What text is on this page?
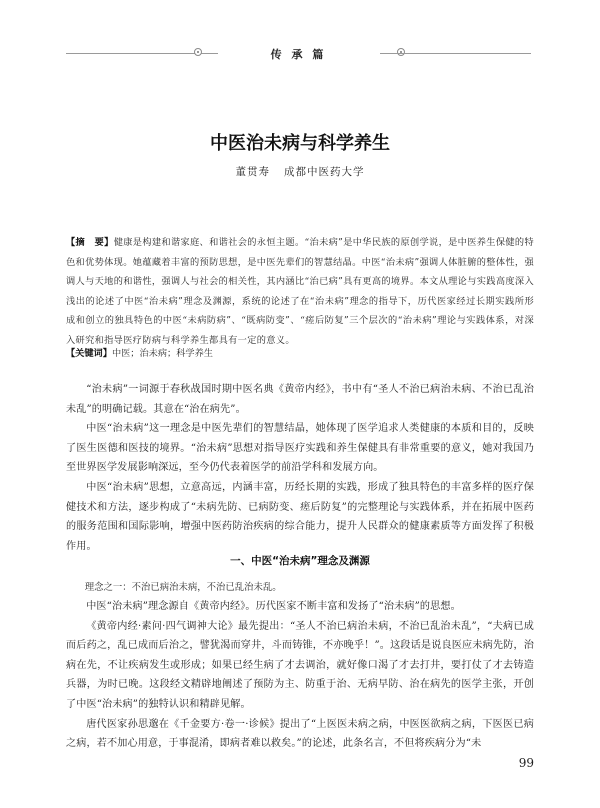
传 承 篇
中医治未病与科学养生
董贯寿 成都中医药大学
【摘　要】健康是构建和谐家庭、和谐社会的永恒主题。“治未病”是中华民族的原创学说，是中医养生保健的特色和优势体现。她蕴藏着丰富的预防思想，是中医先辈们的智慧结晶。中医“治未病”强调人体脏腑的整体性，强调人与天地的和谐性，强调人与社会的相关性，其内涵比“治已病”具有更高的境界。本文从理论与实践高度深入浅出的论述了中医“治未病”理念及渊源，系统的论述了在“治未病”理念的指导下，历代医家经过长期实践所形成和创立的独具特色的中医“未病防病”、“既病防变”、“瘥后防复”三个层次的“治未病”理论与实践体系，对深入研究和指导医疗防病与科学养生都具有一定的意义。
【关键词】中医；治未病；科学养生

“治未病”一词源于春秋战国时期中医名典《黄帝内经》，书中有“圣人不治已病治未病、不治已乱治未乱”的明确记载。其意在“治在病先”。

中医“治未病”这一理念是中医先辈们的智慧结晶，她体现了医学追求人类健康的本质和目的，反映了医生医德和医技的境界。“治未病”思想对指导医疗实践和养生保健具有非常重要的意义，她对我国乃至世界医学发展影响深远，至今仍代表着医学的前沿学科和发展方向。

中医“治未病”思想，立意高远，内涵丰富，历经长期的实践，形成了独具特色的丰富多样的医疗保健技术和方法，逐步构成了“未病先防、已病防变、瘥后防复”的完整理论与实践体系，并在拓展中医药的服务范围和国际影响，增强中医药防治疾病的综合能力，提升人民群众的健康素质等方面发挥了积极作用。

一、中医“治未病”理念及渊源
理念之一：不治已病治未病，不治已乱治未乱。

中医“治未病”理念源自《黄帝内经》。历代医家不断丰富和发扬了“治未病”的思想。

《黄帝内经·素问·四气调神大论》最先提出：“圣人不治已病治未病，不治已乱治未乱”，“夫病已成而后药之，乱已成而后治之，譬犹渴而穿井，斗而铸锥，不亦晚乎！”。这段话是说良医应未病先防，治病在先，不让疾病发生或形成；如果已经生病了才去调治，就好像口渴了才去打井，要打仗了才去铸造兵器，为时已晚。这段经文精辟地阐述了预防为主、防重于治、无病早防、治在病先的医学主张，开创了中医“治未病”的独特认识和精辟见解。

唐代医家孙思邈在《千金要方·卷一·诊候》提出了“上医医未病之病，中医医欲病之病，下医医已病之病，若不加心用意，于事混淆，即病者难以救矣。”的论述，此条名言，不但将疾病分为“未

99
